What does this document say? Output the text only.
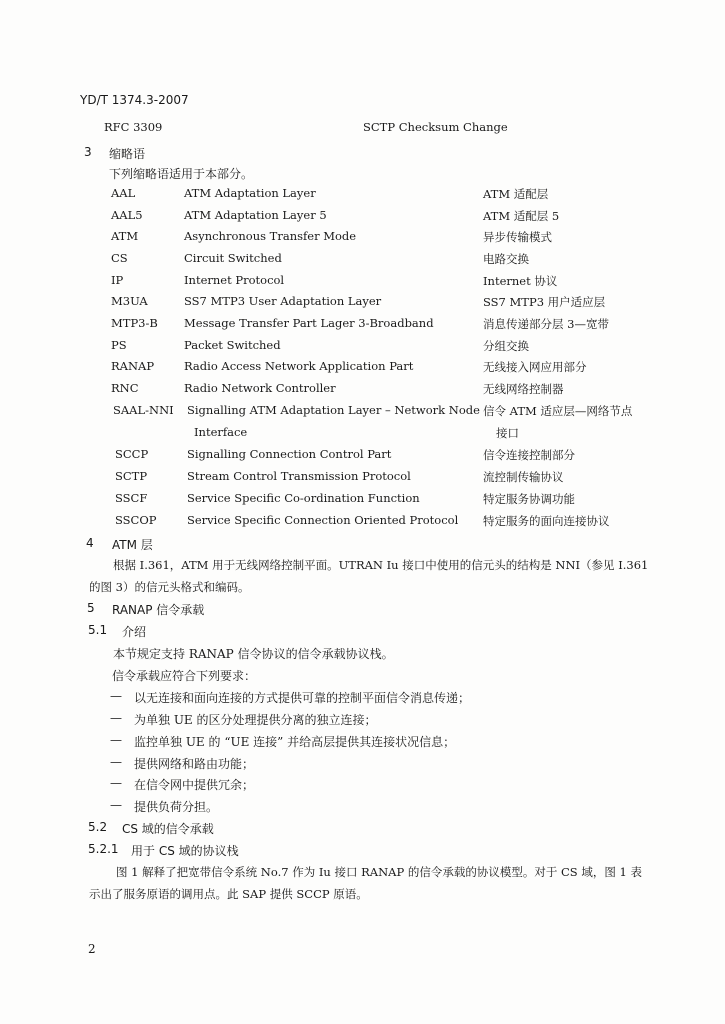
YD/T 1374.3-2007
RFC 3309	SCTP Checksum Change
3 缩略语
下列缩略语适用于本部分。
AAL	ATM Adaptation Layer	ATM 适配层
AAL5	ATM Adaptation Layer 5	ATM 适配层 5
ATM	Asynchronous Transfer Mode	异步传输模式
CS	Circuit Switched	电路交换
IP	Internet Protocol	Internet 协议
M3UA	SS7 MTP3 User Adaptation Layer	SS7 MTP3 用户适应层
MTP3-B Message Transfer Part Lager 3-Broadband	消息传递部分层 3—宽带
PS	Packet Switched	分组交换
RANAP	Radio Access Network Application Part	无线接入网应用部分
RNC	Radio Network Controller	无线网络控制器
SAAL-NNI Signalling ATM Adaptation Layer – Network Node 信令 ATM 适应层—网络节点
Interface	接口
SCCP	Signalling Connection Control Part	信令连接控制部分
SCTP	Stream Control Transmission Protocol	流控制传输协议
SSCF	Service Specific Co-ordination Function	特定服务协调功能
SSCOP	Service Specific Connection Oriented Protocol 特定服务的面向连接协议
4 ATM 层
根据 I.361，ATM 用于无线网络控制平面。UTRAN Iu 接口中使用的信元头的结构是 NNI（参见 I.361
的图 3）的信元头格式和编码。
5 RANAP 信令承载
5.1 介绍
本节规定支持 RANAP 信令协议的信令承载协议栈。
信令承载应符合下列要求：
— 以无连接和面向连接的方式提供可靠的控制平面信令消息传递；
— 为单独 UE 的区分处理提供分离的独立连接；
— 监控单独 UE 的 “UE 连接” 并给高层提供其连接状况信息；
— 提供网络和路由功能；
— 在信令网中提供冗余；
— 提供负荷分担。
5.2 CS 域的信令承载
5.2.1 用于 CS 域的协议栈
图 1 解释了把宽带信令系统 No.7 作为 Iu 接口 RANAP 的信令承载的协议模型。对于 CS 域，图 1 表
示出了服务原语的调用点。此 SAP 提供 SCCP 原语。
2
